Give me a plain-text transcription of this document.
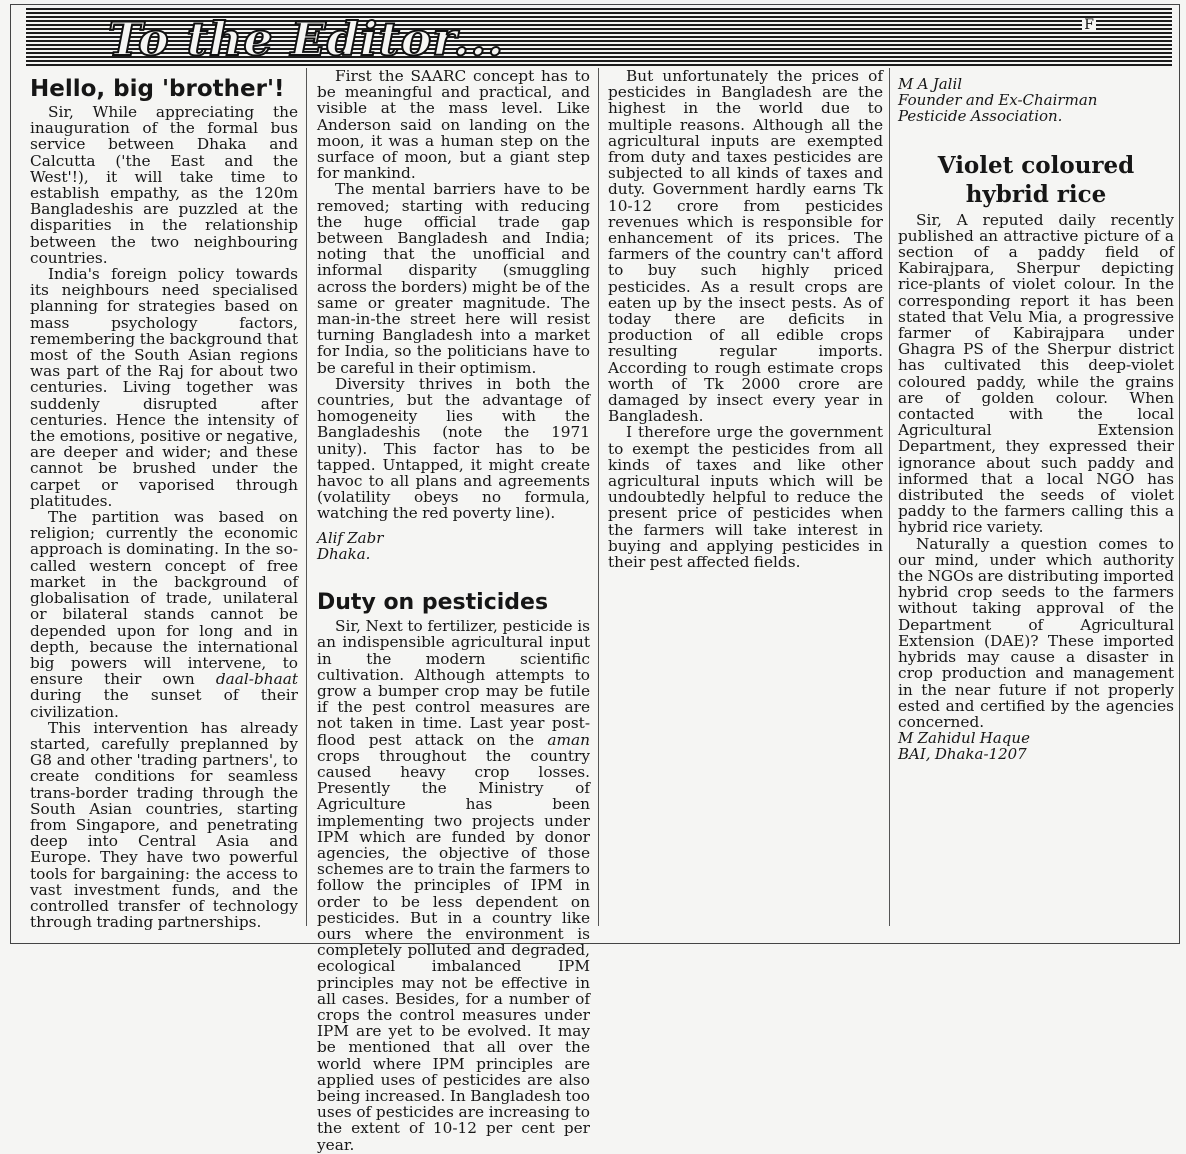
To the Editor...	F
Hello, big 'brother'!

Sir, While appreciating the inauguration of the formal bus service between Dhaka and Calcutta ('the East and the West'!), it will take time to establish empathy, as the 120m Bangladeshis are puzzled at the disparities in the relationship between the two neighbouring countries.

India's foreign policy towards its neighbours need specialised planning for strategies based on mass psychology factors, remembering the background that most of the South Asian regions was part of the Raj for about two centuries. Living together was suddenly disrupted after centuries. Hence the intensity of the emotions, positive or negative, are deeper and wider; and these cannot be brushed under the carpet or vaporised through platitudes.

The partition was based on religion; currently the economic approach is dominating. In the so-called western concept of free market in the background of globalisation of trade, unilateral or bilateral stands cannot be depended upon for long and in depth, because the international big powers will intervene, to ensure their own daal-bhaat during the sunset of their civilization.

This intervention has already started, carefully preplanned by G8 and other 'trading partners', to create conditions for seamless trans-border trading through the South Asian countries, starting from Singapore, and penetrating deep into Central Asia and Europe. They have two powerful tools for bargaining: the access to vast investment funds, and the controlled transfer of technology through trading partnerships.

First the SAARC concept has to be meaningful and practical, and visible at the mass level. Like Anderson said on landing on the moon, it was a human step on the surface of moon, but a giant step for mankind.

The mental barriers have to be removed; starting with reducing the huge official trade gap between Bangladesh and India; noting that the unofficial and informal disparity (smuggling across the borders) might be of the same or greater magnitude. The man-in-the street here will resist turning Bangladesh into a market for India, so the politicians have to be careful in their optimism.

Diversity thrives in both the countries, but the advantage of homogeneity lies with the Bangladeshis (note the 1971 unity). This factor has to be tapped. Untapped, it might create havoc to all plans and agreements (volatility obeys no formula, watching the red poverty line).

Alif Zabr

Dhaka.

Duty on pesticides

Sir, Next to fertilizer, pesticide is an indispensible agricultural input in the modern scientific cultivation. Although attempts to grow a bumper crop may be futile if the pest control measures are not taken in time. Last year post-flood pest attack on the aman crops throughout the country caused heavy crop losses. Presently the Ministry of Agriculture has been implementing two projects under IPM which are funded by donor agencies, the objective of those schemes are to train the farmers to follow the principles of IPM in order to be less dependent on pesticides. But in a country like ours where the environment is completely polluted and degraded, ecological imbalanced IPM principles may not be effective in all cases. Besides, for a number of crops the control measures under IPM are yet to be evolved. It may be mentioned that all over the world where IPM principles are applied uses of pesticides are also being increased. In Bangladesh too uses of pesticides are increasing to the extent of 10-12 per cent per year.

But unfortunately the prices of pesticides in Bangladesh are the highest in the world due to multiple reasons. Although all the agricultural inputs are exempted from duty and taxes pesticides are subjected to all kinds of taxes and duty. Government hardly earns Tk 10-12 crore from pesticides revenues which is responsible for enhancement of its prices. The farmers of the country can't afford to buy such highly priced pesticides. As a result crops are eaten up by the insect pests. As of today there are deficits in production of all edible crops resulting regular imports. According to rough estimate crops worth of Tk 2000 crore are damaged by insect every year in Bangladesh.

I therefore urge the government to exempt the pesticides from all kinds of taxes and like other agricultural inputs which will be undoubtedly helpful to reduce the present price of pesticides when the farmers will take interest in buying and applying pesticides in their pest affected fields.

M A Jalil

Founder and Ex-Chairman

Pesticide Association.

Violet coloured hybrid rice

Sir, A reputed daily recently published an attractive picture of a section of a paddy field of Kabirajpara, Sherpur depicting rice-plants of violet colour. In the corresponding report it has been stated that Velu Mia, a progressive farmer of Kabirajpara under Ghagra PS of the Sherpur district has cultivated this deep-violet coloured paddy, while the grains are of golden colour. When contacted with the local Agricultural Extension Department, they expressed their ignorance about such paddy and informed that a local NGO has distributed the seeds of violet paddy to the farmers calling this a hybrid rice variety.

Naturally a question comes to our mind, under which authority the NGOs are distributing imported hybrid crop seeds to the farmers without taking approval of the Department of Agricultural Extension (DAE)? These imported hybrids may cause a disaster in crop production and management in the near future if not properly ested and certified by the agencies concerned.

M Zahidul Haque

BAI, Dhaka-1207
